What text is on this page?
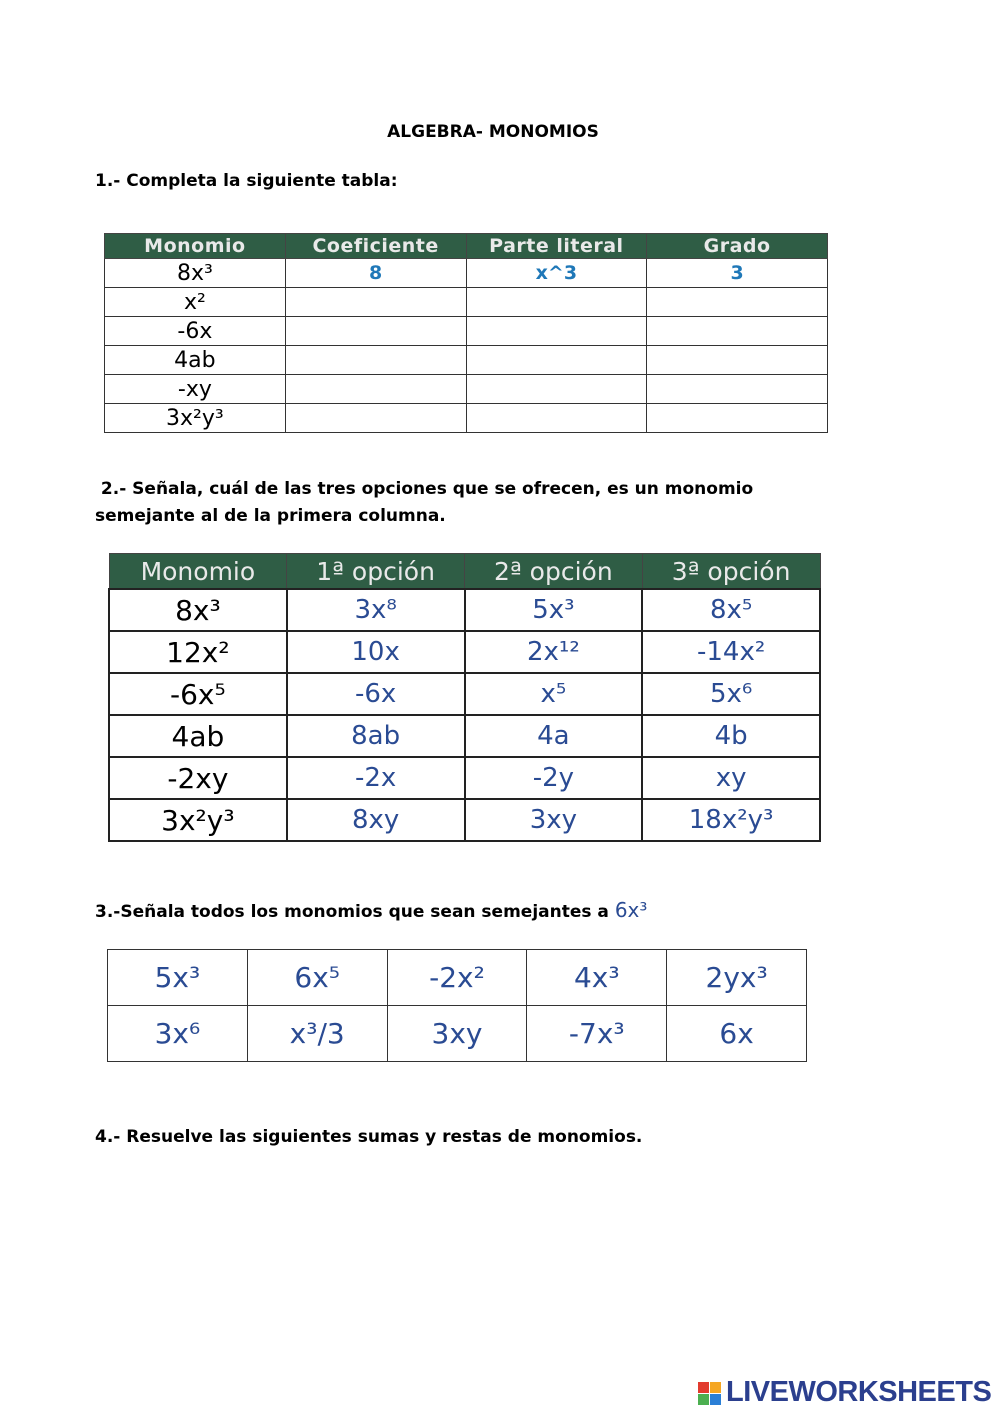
ALGEBRA- MONOMIOS
1.- Completa la siguiente tabla:
Monomio	Coeficiente	Parte literal	Grado
8x³	8	x^3	3
x²			
-6x			
4ab			
-xy			
3x²y³			
2.- Señala, cuál de las tres opciones que se ofrecen, es un monomio
semejante al de la primera columna.
Monomio	1ª opción	2ª opción	3ª opción
8x³	3x⁸	5x³	8x⁵
12x²	10x	2x¹²	-14x²
-6x⁵	-6x	x⁵	5x⁶
4ab	8ab	4a	4b
-2xy	-2x	-2y	xy
3x²y³	8xy	3xy	18x²y³
3.-Señala todos los monomios que sean semejantes a 6x³
5x³	6x⁵	-2x²	4x³	2yx³
3x⁶	x³/3	3xy	-7x³	6x
4.- Resuelve las siguientes sumas y restas de monomios.
LIVEWORKSHEETS
